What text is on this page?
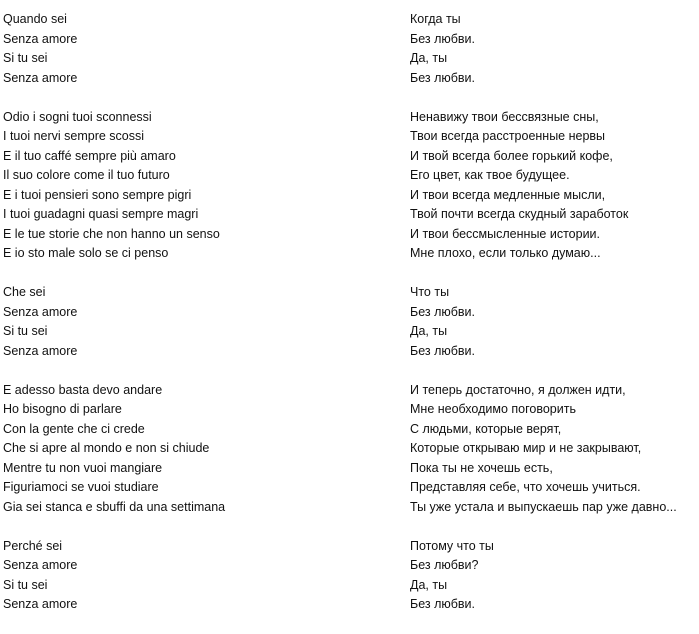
Quando sei
Senza amore
Si tu sei
Senza amore
Odio i sogni tuoi sconnessi
I tuoi nervi sempre scossi
E il tuo caffé sempre più amaro
Il suo colore come il tuo futuro
E i tuoi pensieri sono sempre pigri
I tuoi guadagni quasi sempre magri
E le tue storie che non hanno un senso
E io sto male solo se ci penso
Che sei
Senza amore
Si tu sei
Senza amore
E adesso basta devo andare
Ho bisogno di parlare
Con la gente che ci crede
Che si apre al mondo e non si chiude
Mentre tu non vuoi mangiare
Figuriamoci se vuoi studiare
Gia sei stanca e sbuffi da una settimana
Perché sei
Senza amore
Si tu sei
Senza amore
Когда ты
Без любви.
Да, ты
Без любви.
Ненавижу твои бессвязные сны,
Твои всегда расстроенные нервы
И твой всегда более горький кофе,
Его цвет, как твое будущее.
И твои всегда медленные мысли,
Твой почти всегда скудный заработок
И твои бессмысленные истории.
Мне плохо, если только думаю...
Что ты
Без любви.
Да, ты
Без любви.
И теперь достаточно, я должен идти,
Мне необходимо поговорить
С людьми, которые верят,
Которые открываю мир и не закрывают,
Пока ты не хочешь есть,
Представляя себе, что хочешь учиться.
Ты уже устала и выпускаешь пар уже давно...
Потому что ты
Без любви?
Да, ты
Без любви.
